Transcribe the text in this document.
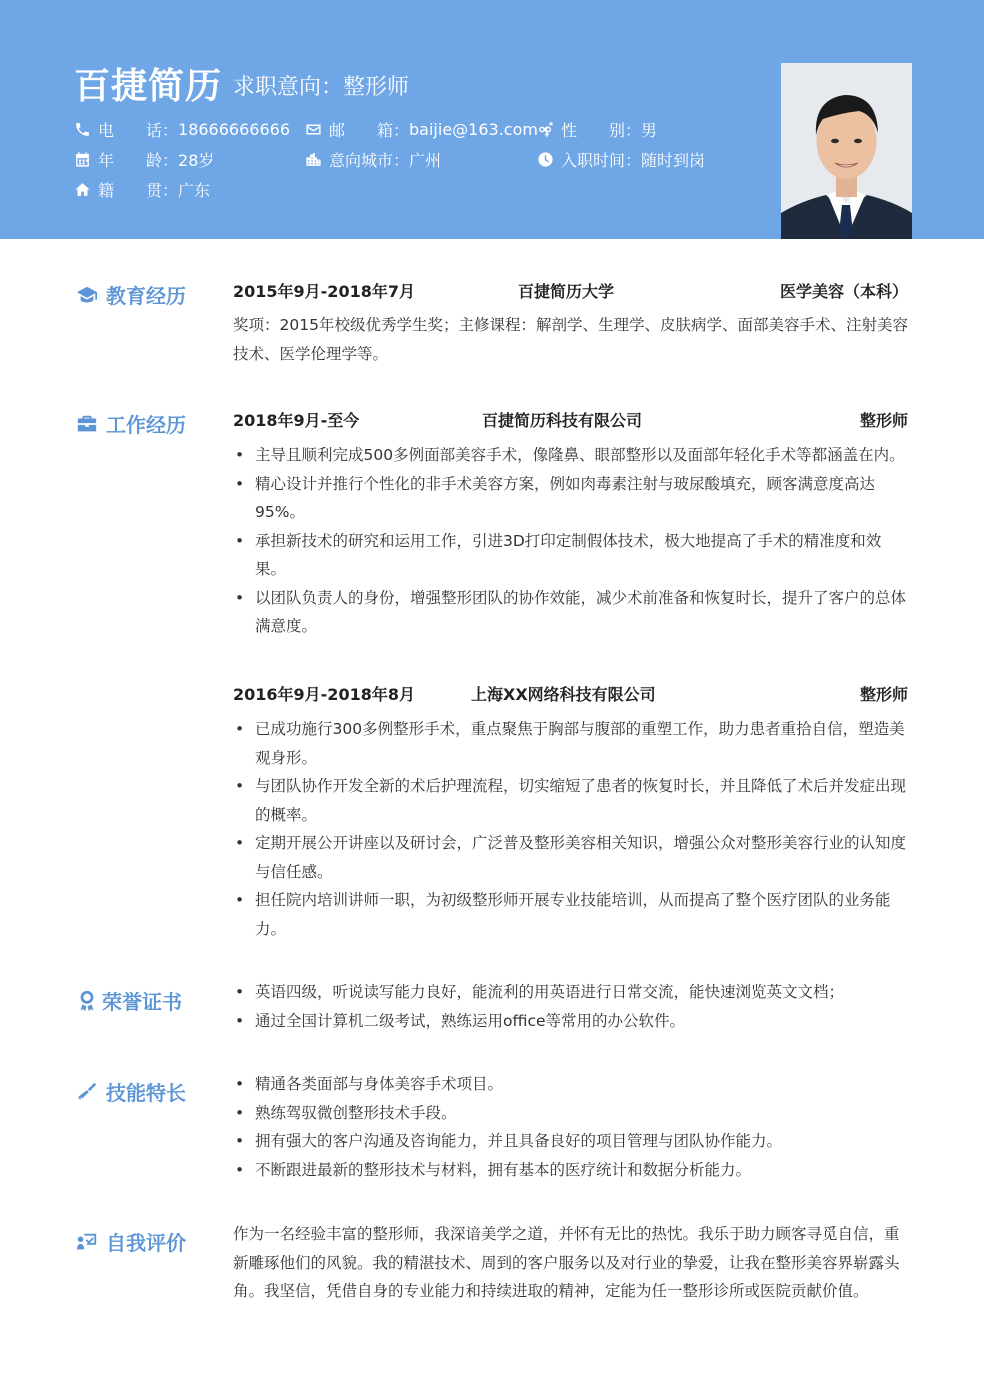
百捷简历 求职意向：整形师
电　　话： 18666666666 邮　　箱： baijie@163.com 性　　别： 男
年　　龄： 28岁	意向城市： 广州	入职时间： 随时到岗
籍　　贯： 广东
教育经历	2015年9月-2018年7月	百捷简历大学	医学美容（本科）
奖项：2015年校级优秀学生奖；主修课程：解剖学、生理学、皮肤病学、面部美容手术、注射美容技术、医学伦理学等。
工作经历	2018年9月-至今	百捷简历科技有限公司	整形师
• 主导且顺利完成500多例面部美容手术，像隆鼻、眼部整形以及面部年轻化手术等都涵盖在内。
• 精心设计并推行个性化的非手术美容方案，例如肉毒素注射与玻尿酸填充，顾客满意度高达95%。
• 承担新技术的研究和运用工作，引进3D打印定制假体技术，极大地提高了手术的精准度和效果。
• 以团队负责人的身份，增强整形团队的协作效能，减少术前准备和恢复时长，提升了客户的总体满意度。
2016年9月-2018年8月	上海XX网络科技有限公司	整形师
• 已成功施行300多例整形手术，重点聚焦于胸部与腹部的重塑工作，助力患者重拾自信，塑造美观身形。
• 与团队协作开发全新的术后护理流程，切实缩短了患者的恢复时长，并且降低了术后并发症出现的概率。
• 定期开展公开讲座以及研讨会，广泛普及整形美容相关知识，增强公众对整形美容行业的认知度与信任感。
• 担任院内培训讲师一职，为初级整形师开展专业技能培训，从而提高了整个医疗团队的业务能力。
荣誉证书	• 英语四级，听说读写能力良好，能流利的用英语进行日常交流，能快速浏览英文文档；
• 通过全国计算机二级考试，熟练运用office等常用的办公软件。
技能特长	• 精通各类面部与身体美容手术项目。
• 熟练驾驭微创整形技术手段。
• 拥有强大的客户沟通及咨询能力，并且具备良好的项目管理与团队协作能力。
• 不断跟进最新的整形技术与材料，拥有基本的医疗统计和数据分析能力。
自我评价	作为一名经验丰富的整形师，我深谙美学之道，并怀有无比的热忱。我乐于助力顾客寻觅自信，重新雕琢他们的风貌。我的精湛技术、周到的客户服务以及对行业的挚爱，让我在整形美容界崭露头角。我坚信，凭借自身的专业能力和持续进取的精神，定能为任一整形诊所或医院贡献价值。
